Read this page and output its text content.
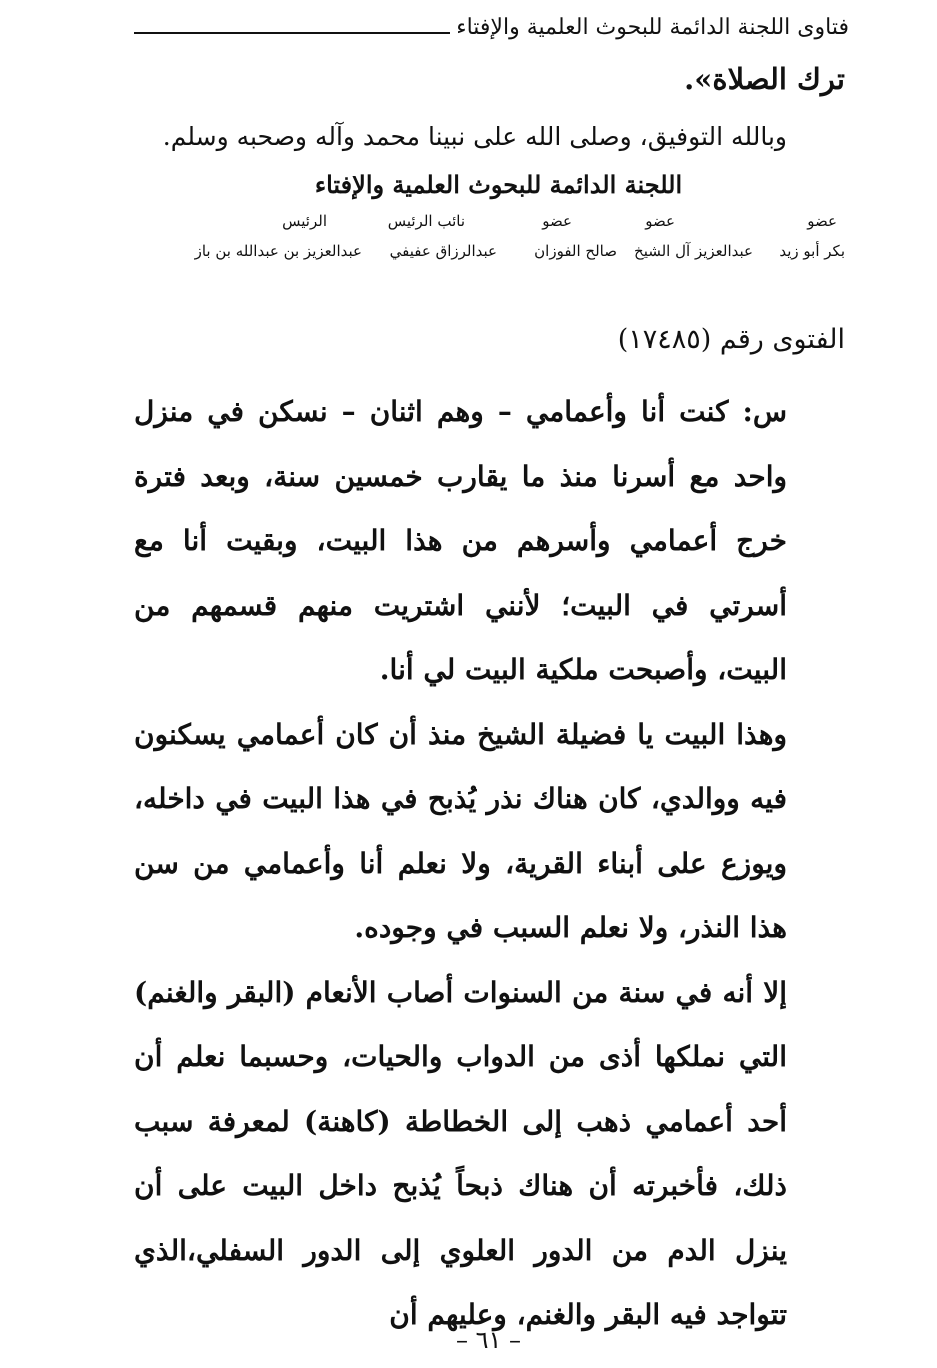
فتاوى اللجنة الدائمة للبحوث العلمية والإفتاء
ترك الصلاة».
وبالله التوفيق، وصلى الله على نبينا محمد وآله وصحبه وسلم.
اللجنة الدائمة للبحوث العلمية والإفتاء
عضو
عضو
عضو
نائب الرئيس
الرئيس
بكر أبو زيد
عبدالعزيز آل الشيخ
صالح الفوزان
عبدالرزاق عفيفي
عبدالعزيز بن عبدالله بن باز
الفتوى رقم (١٧٤٨٥)

س: كنت أنا وأعمامي – وهم اثنان – نسكن في منزل واحد مع أسرنا منذ ما يقارب خمسين سنة، وبعد فترة خرج أعمامي وأسرهم من هذا البيت، وبقيت أنا مع أسرتي في البيت؛ لأنني اشتريت منهم قسمهم من البيت، وأصبحت ملكية البيت لي أنا.

وهذا البيت يا فضيلة الشيخ منذ أن كان أعمامي يسكنون فيه ووالدي، كان هناك نذر يُذبح في هذا البيت في داخله، ويوزع على أبناء القرية، ولا نعلم أنا وأعمامي من سن هذا النذر، ولا نعلم السبب في وجوده.

إلا أنه في سنة من السنوات أصاب الأنعام (البقر والغنم) التي نملكها أذى من الدواب والحيات، وحسبما نعلم أن أحد أعمامي ذهب إلى الخطاطة (كاهنة) لمعرفة سبب ذلك، فأخبرته أن هناك ذبحاً يُذبح داخل البيت على أن ينزل الدم من الدور العلوي إلى الدور السفلي،الذي تتواجد فيه البقر والغنم، وعليهم أن

– ٦١ –
